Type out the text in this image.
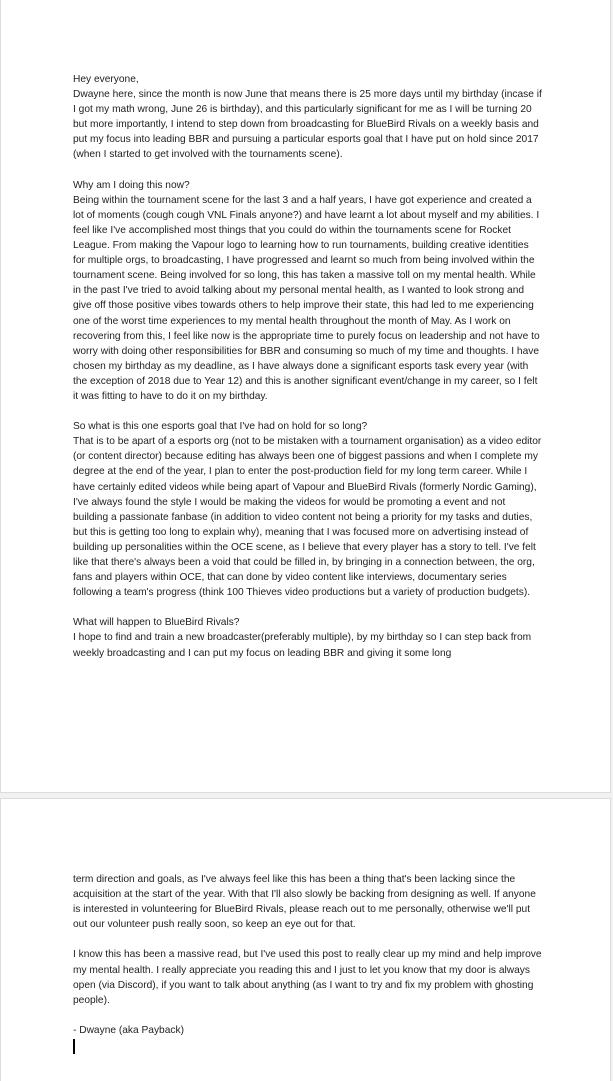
Hey everyone,
Dwayne here, since the month is now June that means there is 25 more days until my birthday (incase if I got my math wrong, June 26 is birthday), and this particularly significant for me as I will be turning 20 but more importantly, I intend to step down from broadcasting for BlueBird Rivals on a weekly basis and put my focus into leading BBR and pursuing a particular esports goal that I have put on hold since 2017 (when I started to get involved with the tournaments scene).

Why am I doing this now?
Being within the tournament scene for the last 3 and a half years, I have got experience and created a lot of moments (cough cough VNL Finals anyone?) and have learnt a lot about myself and my abilities. I feel like I've accomplished most things that you could do within the tournaments scene for Rocket League. From making the Vapour logo to learning how to run tournaments, building creative identities for multiple orgs, to broadcasting, I have progressed and learnt so much from being involved within the tournament scene. Being involved for so long, this has taken a massive toll on my mental health. While in the past I've tried to avoid talking about my personal mental health, as I wanted to look strong and give off those positive vibes towards others to help improve their state, this had led to me experiencing one of the worst time experiences to my mental health throughout the month of May. As I work on recovering from this, I feel like now is the appropriate time to purely focus on leadership and not have to worry with doing other responsibilities for BBR and consuming so much of my time and thoughts. I have chosen my birthday as my deadline, as I have always done a significant esports task every year (with the exception of 2018 due to Year 12) and this is another significant event/change in my career, so I felt it was fitting to have to do it on my birthday.

So what is this one esports goal that I've had on hold for so long?
That is to be apart of a esports org (not to be mistaken with a tournament organisation) as a video editor (or content director) because editing has always been one of biggest passions and when I complete my degree at the end of the year, I plan to enter the post-production field for my long term career. While I have certainly edited videos while being apart of Vapour and BlueBird Rivals (formerly Nordic Gaming), I've always found the style I would be making the videos for would be promoting a event and not building a passionate fanbase (in addition to video content not being a priority for my tasks and duties, but this is getting too long to explain why), meaning that I was focused more on advertising instead of building up personalities within the OCE scene, as I believe that every player has a story to tell. I've felt like that there's always been a void that could be filled in, by bringing in a connection between, the org, fans and players within OCE, that can done by video content like interviews, documentary series following a team's progress (think 100 Thieves video productions but a variety of production budgets).

What will happen to BlueBird Rivals?
I hope to find and train a new broadcaster(preferably multiple), by my birthday so I can step back from weekly broadcasting and I can put my focus on leading BBR and giving it some long

term direction and goals, as I've always feel like this has been a thing that's been lacking since the acquisition at the start of the year. With that I'll also slowly be backing from designing as well. If anyone is interested in volunteering for BlueBird Rivals, please reach out to me personally, otherwise we'll put out our volunteer push really soon, so keep an eye out for that.

I know this has been a massive read, but I've used this post to really clear up my mind and help improve my mental health. I really appreciate you reading this and I just to let you know that my door is always open (via Discord), if you want to talk about anything (as I want to try and fix my problem with ghosting people).

- Dwayne (aka Payback)
